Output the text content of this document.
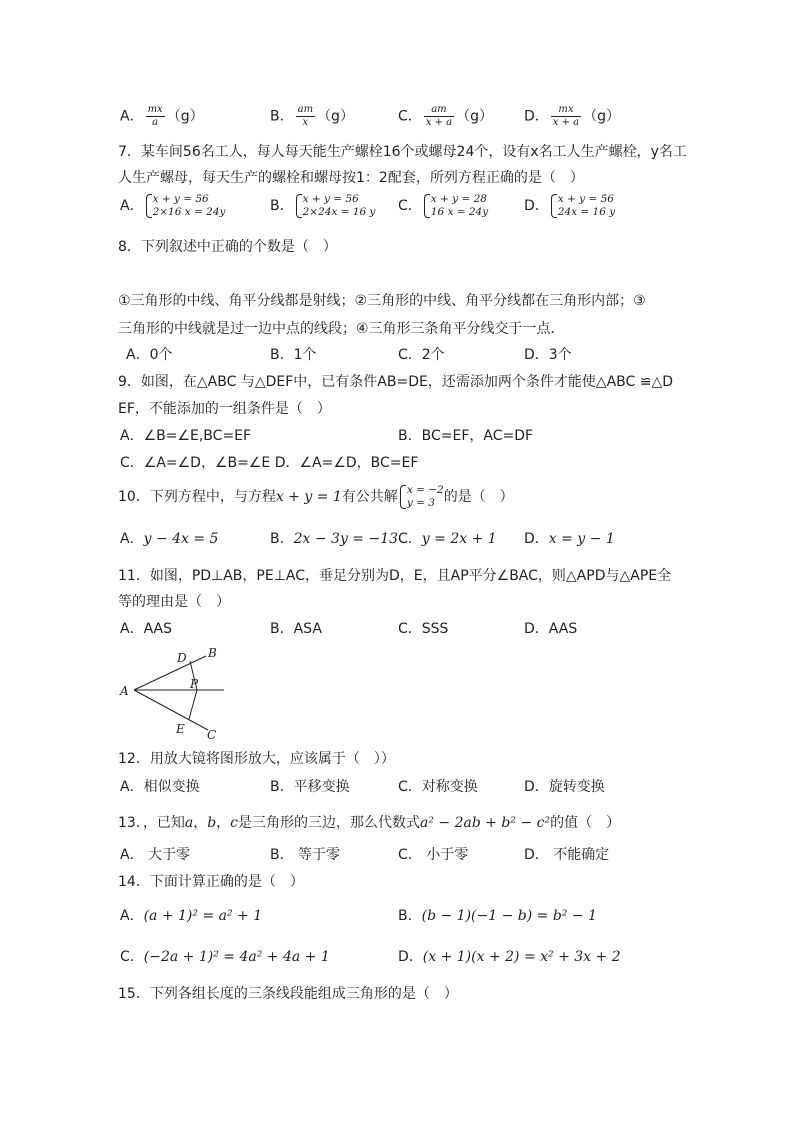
A． $\frac{mx}{a} (g)$	B． $\frac{am}{x} (g)$	C． $\frac{am}{x + a} (g)$ D． $\frac{mx}{x + a} (g)$
7．某车间56名工人，每人每天能生产螺栓16个或螺母24个，设有x名工人生产螺栓，y名工
人生产螺母，每天生产的螺栓和螺母按1：2配套，所列方程正确的是（　）
A． x + y = 56
2×16 x = 24y	B． x + y = 56
2×24x = 16 y C． x + y = 28
16 x = 24y	D． x + y = 56
24x = 16 y
8．下列叙述中正确的个数是（　）
①三角形的中线、角平分线都是射线；②三角形的中线、角平分线都在三角形内部；③
三角形的中线就是过一边中点的线段；④三角形三条角平分线交于一点．
A．0个	B．1个	C．2个	D．3个
9．如图，在△ABC 与△DEF中，已有条件AB=DE，还需添加两个条件才能使△ABC ≌△D
EF，不能添加的一组条件是（　）
A．∠B=∠E,BC=EF	B．BC=EF，AC=DF
C．∠A=∠D，∠B=∠E D．∠A=∠D，BC=EF
10．下列方程中，与方程x + y = 1有公共解 x = −2
y = 3 的是（　）
A．y − 4x = 5	B．2x − 3y = −13 C．y = 2x + 1 D．x = y − 1
11．如图，PD⊥AB，PE⊥AC，垂足分别为D，E，且AP平分∠BAC，则△APD与△APE全
等的理由是（　）
A．AAS	B．ASA	C．SSS	D．AAS
A
B
C
D
E
P
12．用放大镜将图形放大，应该属于（　））
A．相似变换	B．平移变换	C．对称变换	D．旋转变换
13．，已知a，b，c是三角形的三边，那么代数式a² − 2ab + b² − c²的值（　）
A． 大于零	B． 等于零	C． 小于零	D． 不能确定
14．下面计算正确的是（　）
A．(a + 1)² = a² + 1	B．(b − 1)(−1 − b) = b² − 1
C．(−2a + 1)² = 4a² + 4a + 1	D．(x + 1)(x + 2) = x² + 3x + 2
15．下列各组长度的三条线段能组成三角形的是（　）
